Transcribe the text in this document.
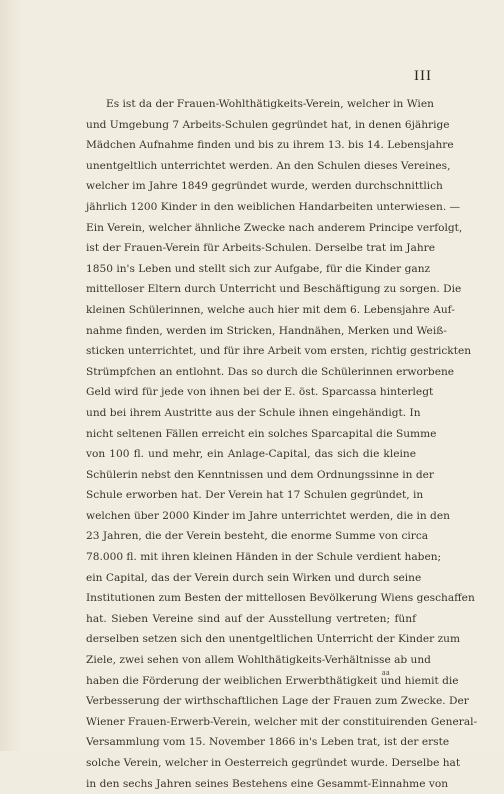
III
Es ist da der Frauen-Wohlthätigkeits-Verein, welcher in Wien
und Umgebung 7 Arbeits-Schulen gegründet hat, in denen 6jährige
Mädchen Aufnahme finden und bis zu ihrem 13. bis 14. Lebensjahre
unentgeltlich unterrichtet werden. An den Schulen dieses Vereines,
welcher im Jahre 1849 gegründet wurde, werden durchschnittlich
jährlich 1200 Kinder in den weiblichen Handarbeiten unterwiesen. —
Ein Verein, welcher ähnliche Zwecke nach anderem Principe verfolgt,
ist der Frauen-Verein für Arbeits-Schulen. Derselbe trat im Jahre
1850 in's Leben und stellt sich zur Aufgabe, für die Kinder ganz
mittelloser Eltern durch Unterricht und Beschäftigung zu sorgen. Die
kleinen Schülerinnen, welche auch hier mit dem 6. Lebensjahre Auf-
nahme finden, werden im Stricken, Handnähen, Merken und Weiß-
sticken unterrichtet, und für ihre Arbeit vom ersten, richtig gestrickten
Strümpfchen an entlohnt. Das so durch die Schülerinnen erworbene
Geld wird für jede von ihnen bei der E. öst. Sparcassa hinterlegt
und bei ihrem Austritte aus der Schule ihnen eingehändigt. In
nicht seltenen Fällen erreicht ein solches Sparcapital die Summe
von 100 fl. und mehr, ein Anlage-Capital, das sich die kleine
Schülerin nebst den Kenntnissen und dem Ordnungssinne in der
Schule erworben hat. Der Verein hat 17 Schulen gegründet, in
welchen über 2000 Kinder im Jahre unterrichtet werden, die in den
23 Jahren, die der Verein besteht, die enorme Summe von circa
78.000 fl. mit ihren kleinen Händen in der Schule verdient haben;
ein Capital, das der Verein durch sein Wirken und durch seine
Institutionen zum Besten der mittellosen Bevölkerung Wiens geschaffen
hat. Sieben Vereine sind auf der Ausstellung vertreten; fünf
derselben setzen sich den unentgeltlichen Unterricht der Kinder zum
Ziele, zwei sehen von allem Wohlthätigkeits-Verhältnisse ab und
haben die Förderung der weiblichen Erwerbthätigkeit und hiemit die
Verbesserung der wirthschaftlichen Lage der Frauen zum Zwecke. Der
Wiener Frauen-Erwerb-Verein, welcher mit der constituirenden General-
Versammlung vom 15. November 1866 in's Leben trat, ist der erste
solche Verein, welcher in Oesterreich gegründet wurde. Derselbe hat
in den sechs Jahren seines Bestehens eine Gesammt-Einnahme von
aa
